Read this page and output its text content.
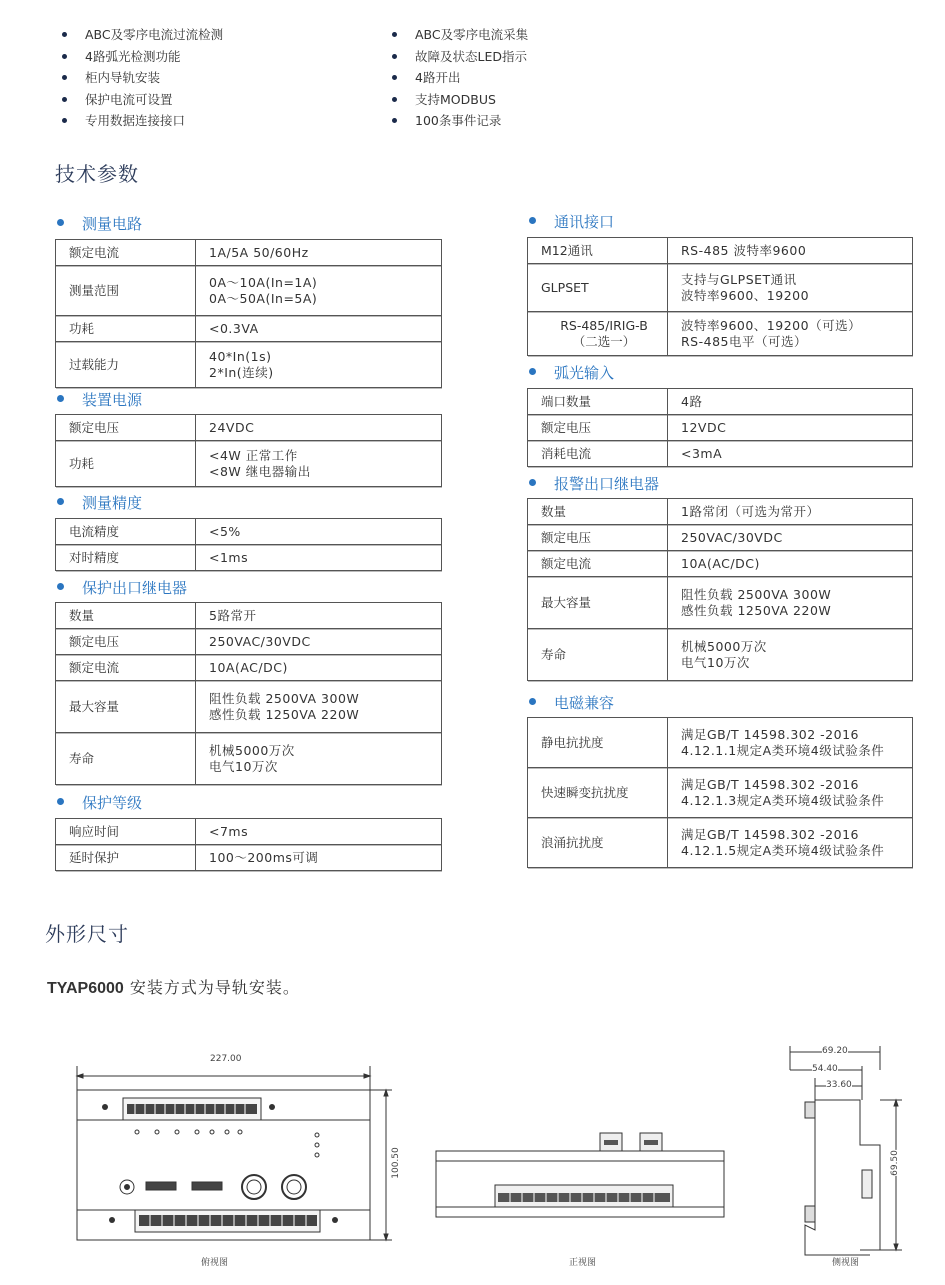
ABC及零序电流过流检测
4路弧光检测功能
柜内导轨安装
保护电流可设置
专用数据连接接口
ABC及零序电流采集
故障及状态LED指示
4路开出
支持MODBUS
100条事件记录
技术参数
测量电路
装置电源
测量精度
保护出口继电器
保护等级
通讯接口
弧光输入
报警出口继电器
电磁兼容
额定电流	1A/5A 50/60Hz
测量范围	0A～10A(In=1A)
0A～50A(In=5A)
功耗	<0.3VA
过载能力	40*In(1s)
2*In(连续)
额定电压	24VDC
功耗	<4W 正常工作
<8W 继电器输出
电流精度	<5%
对时精度	<1ms
数量	5路常开
额定电压	250VAC/30VDC
额定电流	10A(AC/DC)
最大容量	阻性负载 2500VA 300W
感性负载 1250VA 220W
寿命	机械5000万次
电气10万次
响应时间	<7ms
延时保护	100～200ms可调
M12通讯	RS-485 波特率9600
GLPSET	支持与GLPSET通讯
波特率9600、19200
RS-485/IRIG-B
（二选一）	波特率9600、19200（可选）
RS-485电平（可选）
端口数量	4路
额定电压	12VDC
消耗电流	<3mA
数量	1路常闭（可选为常开）
额定电压	250VAC/30VDC
额定电流	10A(AC/DC)
最大容量	阻性负载 2500VA 300W
感性负载 1250VA 220W
寿命	机械5000万次
电气10万次
静电抗扰度	满足GB/T 14598.302 -2016
4.12.1.1规定A类环境4级试验条件
快速瞬变抗扰度	满足GB/T 14598.302 -2016
4.12.1.3规定A类环境4级试验条件
浪涌抗扰度	满足GB/T 14598.302 -2016
4.12.1.5规定A类环境4级试验条件
外形尺寸
TYAP6000 安装方式为导轨安装。
227.00
100.50
69.20
54.40
33.60
69.50
俯视图	正视图	侧视图
